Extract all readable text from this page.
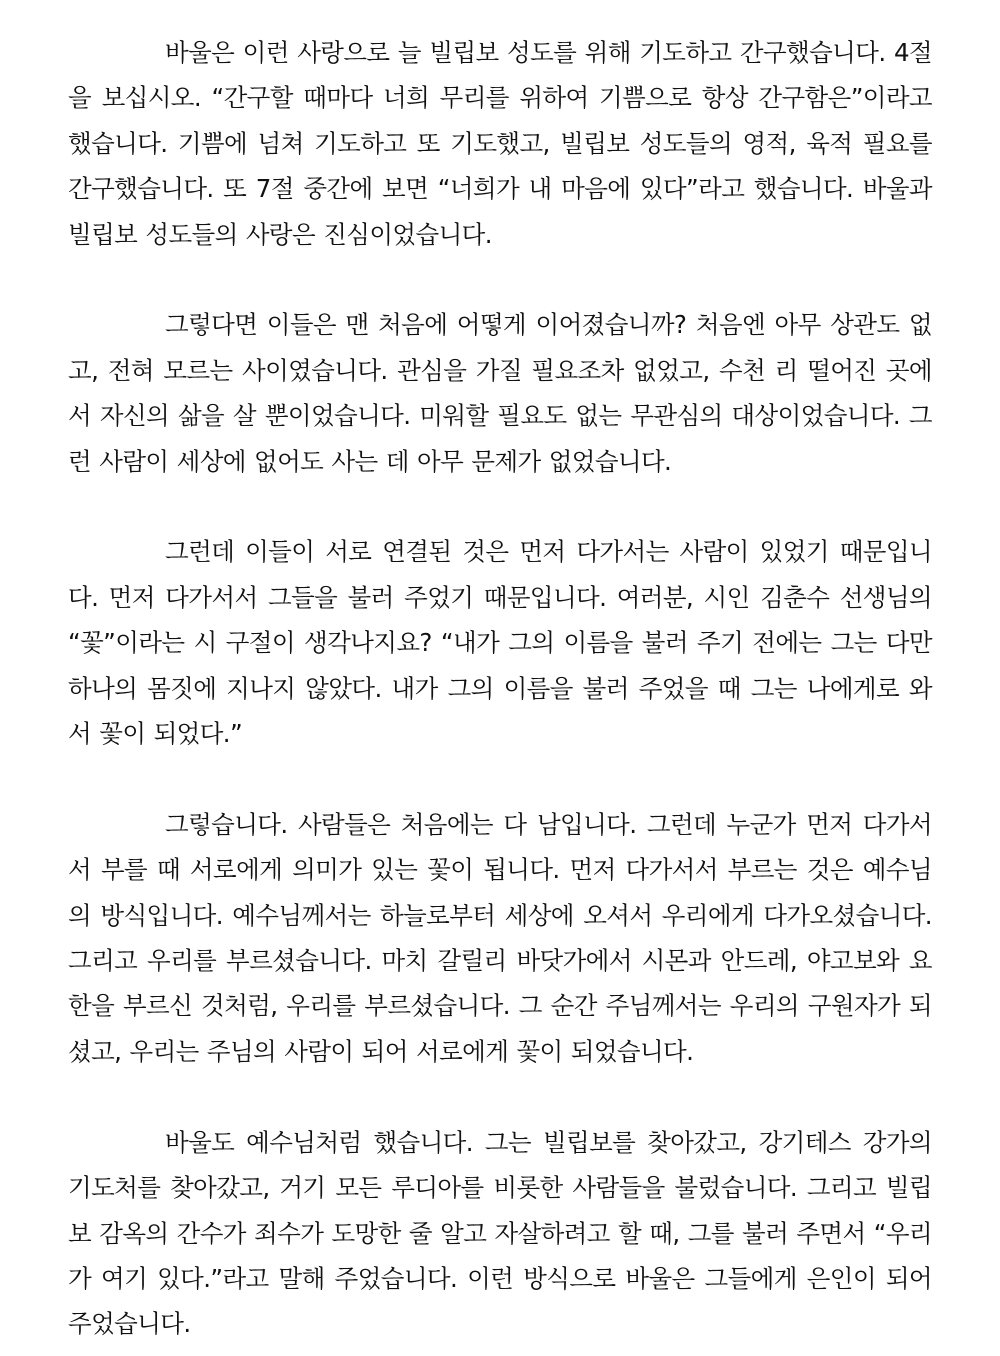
바울은 이런 사랑으로 늘 빌립보 성도를 위해 기도하고 간구했습니다. 4절을 보십시오. “간구할 때마다 너희 무리를 위하여 기쁨으로 항상 간구함은”이라고 했습니다. 기쁨에 넘쳐 기도하고 또 기도했고, 빌립보 성도들의 영적, 육적 필요를 간구했습니다. 또 7절 중간에 보면 “너희가 내 마음에 있다”라고 했습니다. 바울과 빌립보 성도들의 사랑은 진심이었습니다.

그렇다면 이들은 맨 처음에 어떻게 이어졌습니까? 처음엔 아무 상관도 없고, 전혀 모르는 사이였습니다. 관심을 가질 필요조차 없었고, 수천 리 떨어진 곳에서 자신의 삶을 살 뿐이었습니다. 미워할 필요도 없는 무관심의 대상이었습니다. 그런 사람이 세상에 없어도 사는 데 아무 문제가 없었습니다.

그런데 이들이 서로 연결된 것은 먼저 다가서는 사람이 있었기 때문입니다. 먼저 다가서서 그들을 불러 주었기 때문입니다. 여러분, 시인 김춘수 선생님의 “꽃”이라는 시 구절이 생각나지요? “내가 그의 이름을 불러 주기 전에는 그는 다만 하나의 몸짓에 지나지 않았다. 내가 그의 이름을 불러 주었을 때 그는 나에게로 와서 꽃이 되었다.”

그렇습니다. 사람들은 처음에는 다 남입니다. 그런데 누군가 먼저 다가서서 부를 때 서로에게 의미가 있는 꽃이 됩니다. 먼저 다가서서 부르는 것은 예수님의 방식입니다. 예수님께서는 하늘로부터 세상에 오셔서 우리에게 다가오셨습니다. 그리고 우리를 부르셨습니다. 마치 갈릴리 바닷가에서 시몬과 안드레, 야고보와 요한을 부르신 것처럼, 우리를 부르셨습니다. 그 순간 주님께서는 우리의 구원자가 되셨고, 우리는 주님의 사람이 되어 서로에게 꽃이 되었습니다.

바울도 예수님처럼 했습니다. 그는 빌립보를 찾아갔고, 강기테스 강가의 기도처를 찾아갔고, 거기 모든 루디아를 비롯한 사람들을 불렀습니다. 그리고 빌립보 감옥의 간수가 죄수가 도망한 줄 알고 자살하려고 할 때, 그를 불러 주면서 “우리가 여기 있다.”라고 말해 주었습니다. 이런 방식으로 바울은 그들에게 은인이 되어 주었습니다.
